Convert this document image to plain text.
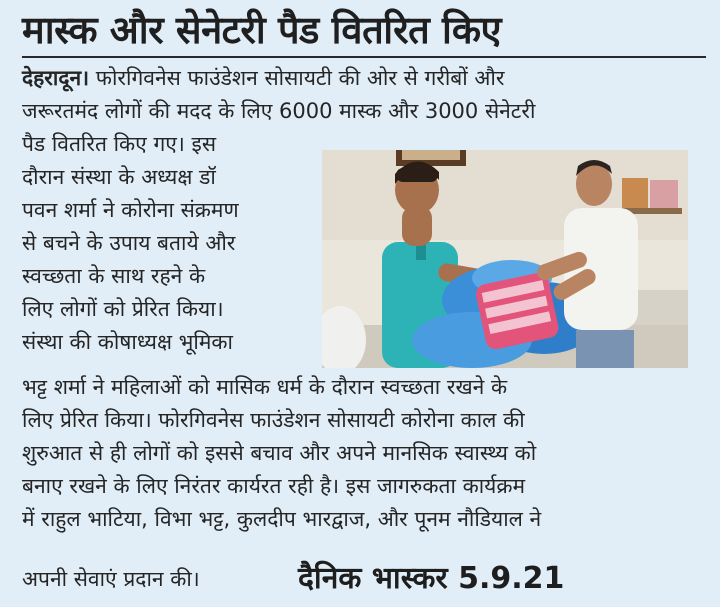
मास्क और सेनेटरी पैड वितरित किए
देहरादून। फोरगिवनेस फाउंडेशन सोसायटी की ओर से गरीबों और
जरूरतमंद लोगों की मदद के लिए 6000 मास्क और 3000 सेनेटरी
पैड वितरित किए गए। इस
दौरान संस्था के अध्यक्ष डॉ
पवन शर्मा ने कोरोना संक्रमण
से बचने के उपाय बताये और
स्वच्छता के साथ रहने के
लिए लोगों को प्रेरित किया।
संस्था की कोषाध्यक्ष भूमिका
भट्ट शर्मा ने महिलाओं को मासिक धर्म के दौरान स्वच्छता रखने के
लिए प्रेरित किया। फोरगिवनेस फाउंडेशन सोसायटी कोरोना काल की
शुरुआत से ही लोगों को इससे बचाव और अपने मानसिक स्वास्थ्य को
बनाए रखने के लिए निरंतर कार्यरत रही है। इस जागरुकता कार्यक्रम
में राहुल भाटिया, विभा भट्ट, कुलदीप भारद्वाज, और पूनम नौडियाल ने
अपनी सेवाएं प्रदान की।	दैनिक भास्कर 5.9.21
